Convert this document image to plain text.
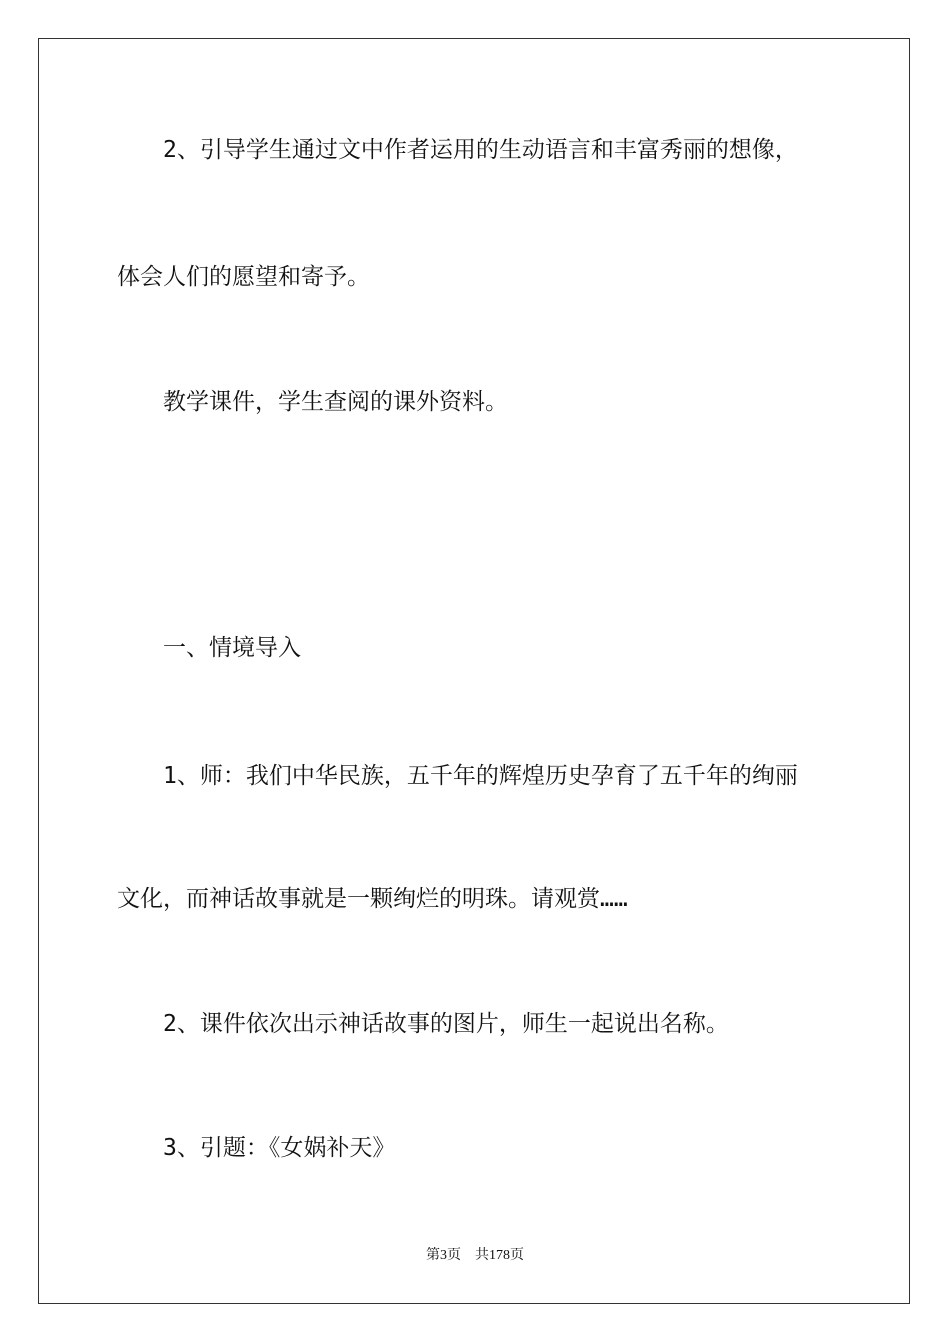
2、引导学生通过文中作者运用的生动语言和丰富秀丽的想像，

体会人们的愿望和寄予。

教学课件，学生查阅的课外资料。

一、情境导入

1、师：我们中华民族，五千年的辉煌历史孕育了五千年的绚丽

文化，而神话故事就是一颗绚烂的明珠。请观赏……

2、课件依次出示神话故事的图片，师生一起说出名称。

3、引题：《女娲补天》

第3页 共178页
